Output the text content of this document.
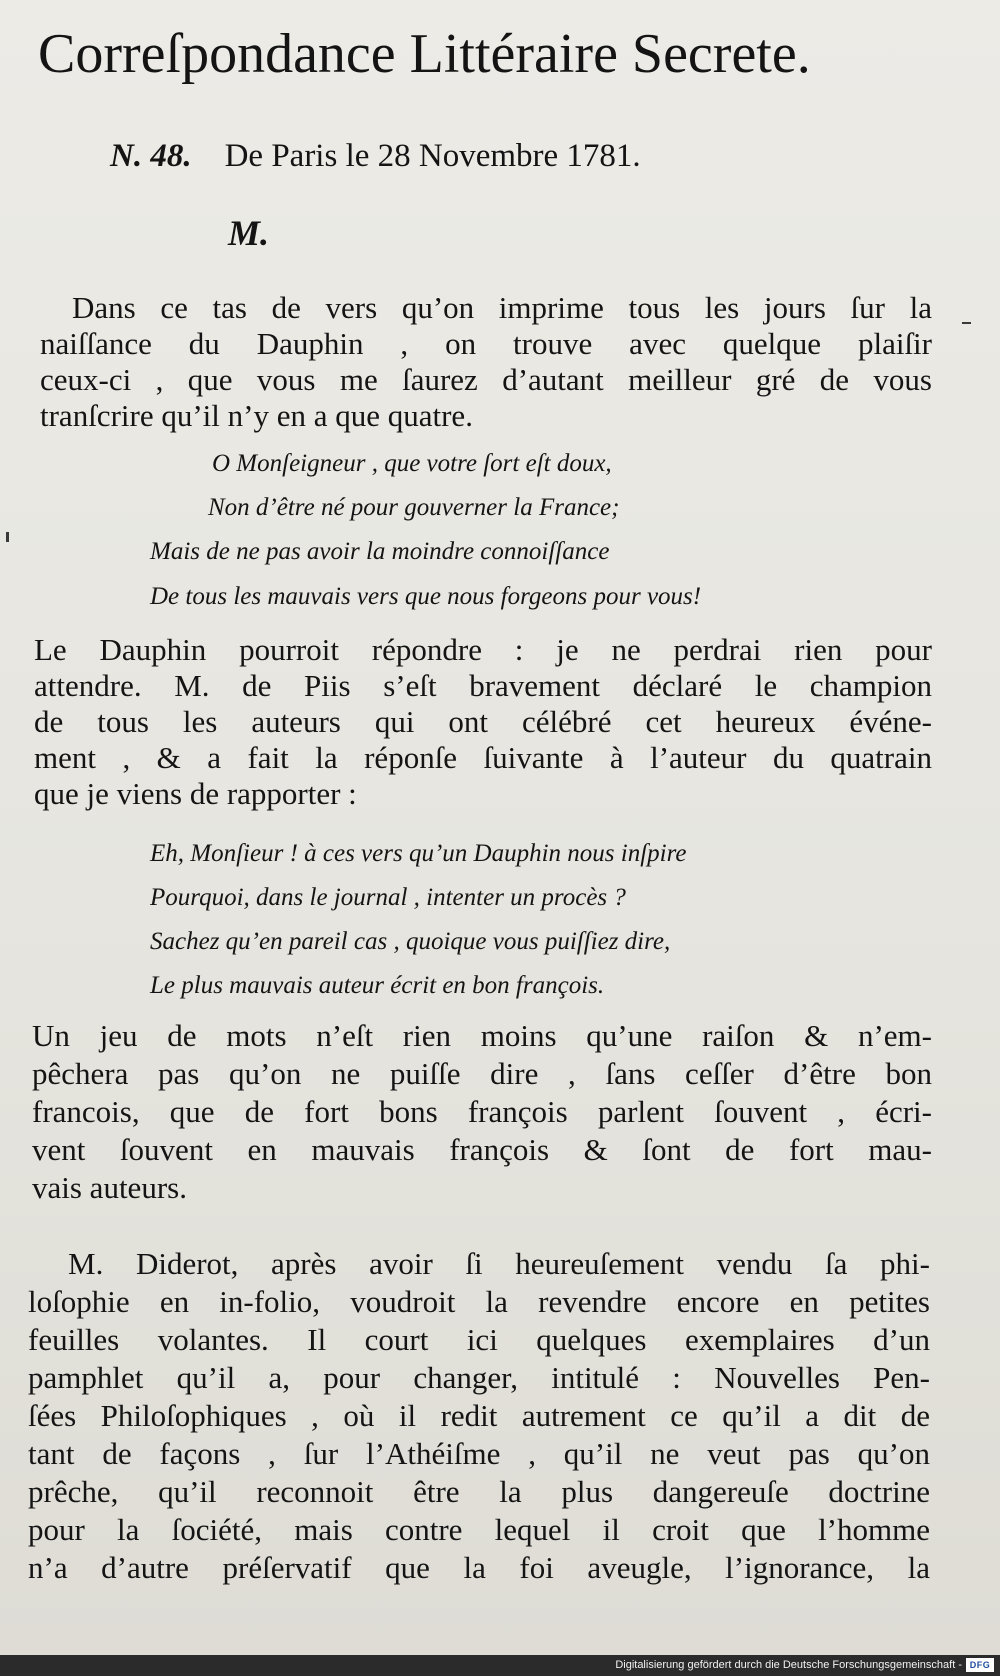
Correſpondance Littéraire Secrete.
N. 48. De Paris le 28 Novembre 1781.
M.
Dans ce tas de vers qu’on imprime tous les jours ſur la
naiſſance du Dauphin , on trouve avec quelque plaiſir
ceux-ci , que vous me ſaurez d’autant meilleur gré de vous
tranſcrire qu’il n’y en a que quatre.
O Monſeigneur , que votre ſort eſt doux,
Non d’être né pour gouverner la France;
Mais de ne pas avoir la moindre connoiſſance
De tous les mauvais vers que nous forgeons pour vous!
Le Dauphin pourroit répondre : je ne perdrai rien pour
attendre. M. de Piis s’eſt bravement déclaré le champion
de tous les auteurs qui ont célébré cet heureux événe-
ment , & a fait la réponſe ſuivante à l’auteur du quatrain
que je viens de rapporter :
Eh, Monſieur ! à ces vers qu’un Dauphin nous inſpire
Pourquoi, dans le journal , intenter un procès ?
Sachez qu’en pareil cas , quoique vous puiſſiez dire,
Le plus mauvais auteur écrit en bon françois.
Un jeu de mots n’eſt rien moins qu’une raiſon & n’em-
pêchera pas qu’on ne puiſſe dire , ſans ceſſer d’être bon
francois, que de fort bons françois parlent ſouvent , écri-
vent ſouvent en mauvais françois & ſont de fort mau-
vais auteurs.
M. Diderot, après avoir ſi heureuſement vendu ſa phi-
loſophie en in-folio, voudroit la revendre encore en petites
feuilles volantes. Il court ici quelques exemplaires d’un
pamphlet qu’il a, pour changer, intitulé : Nouvelles Pen-
ſées Philoſophiques , où il redit autrement ce qu’il a dit de
tant de façons , ſur l’Athéiſme , qu’il ne veut pas qu’on
prêche, qu’il reconnoit être la plus dangereuſe doctrine
pour la ſociété, mais contre lequel il croit que l’homme
n’a d’autre préſervatif que la foi aveugle, l’ignorance, la
Digitalisierung gefördert durch die Deutsche Forschungsgemeinschaft - DFG
